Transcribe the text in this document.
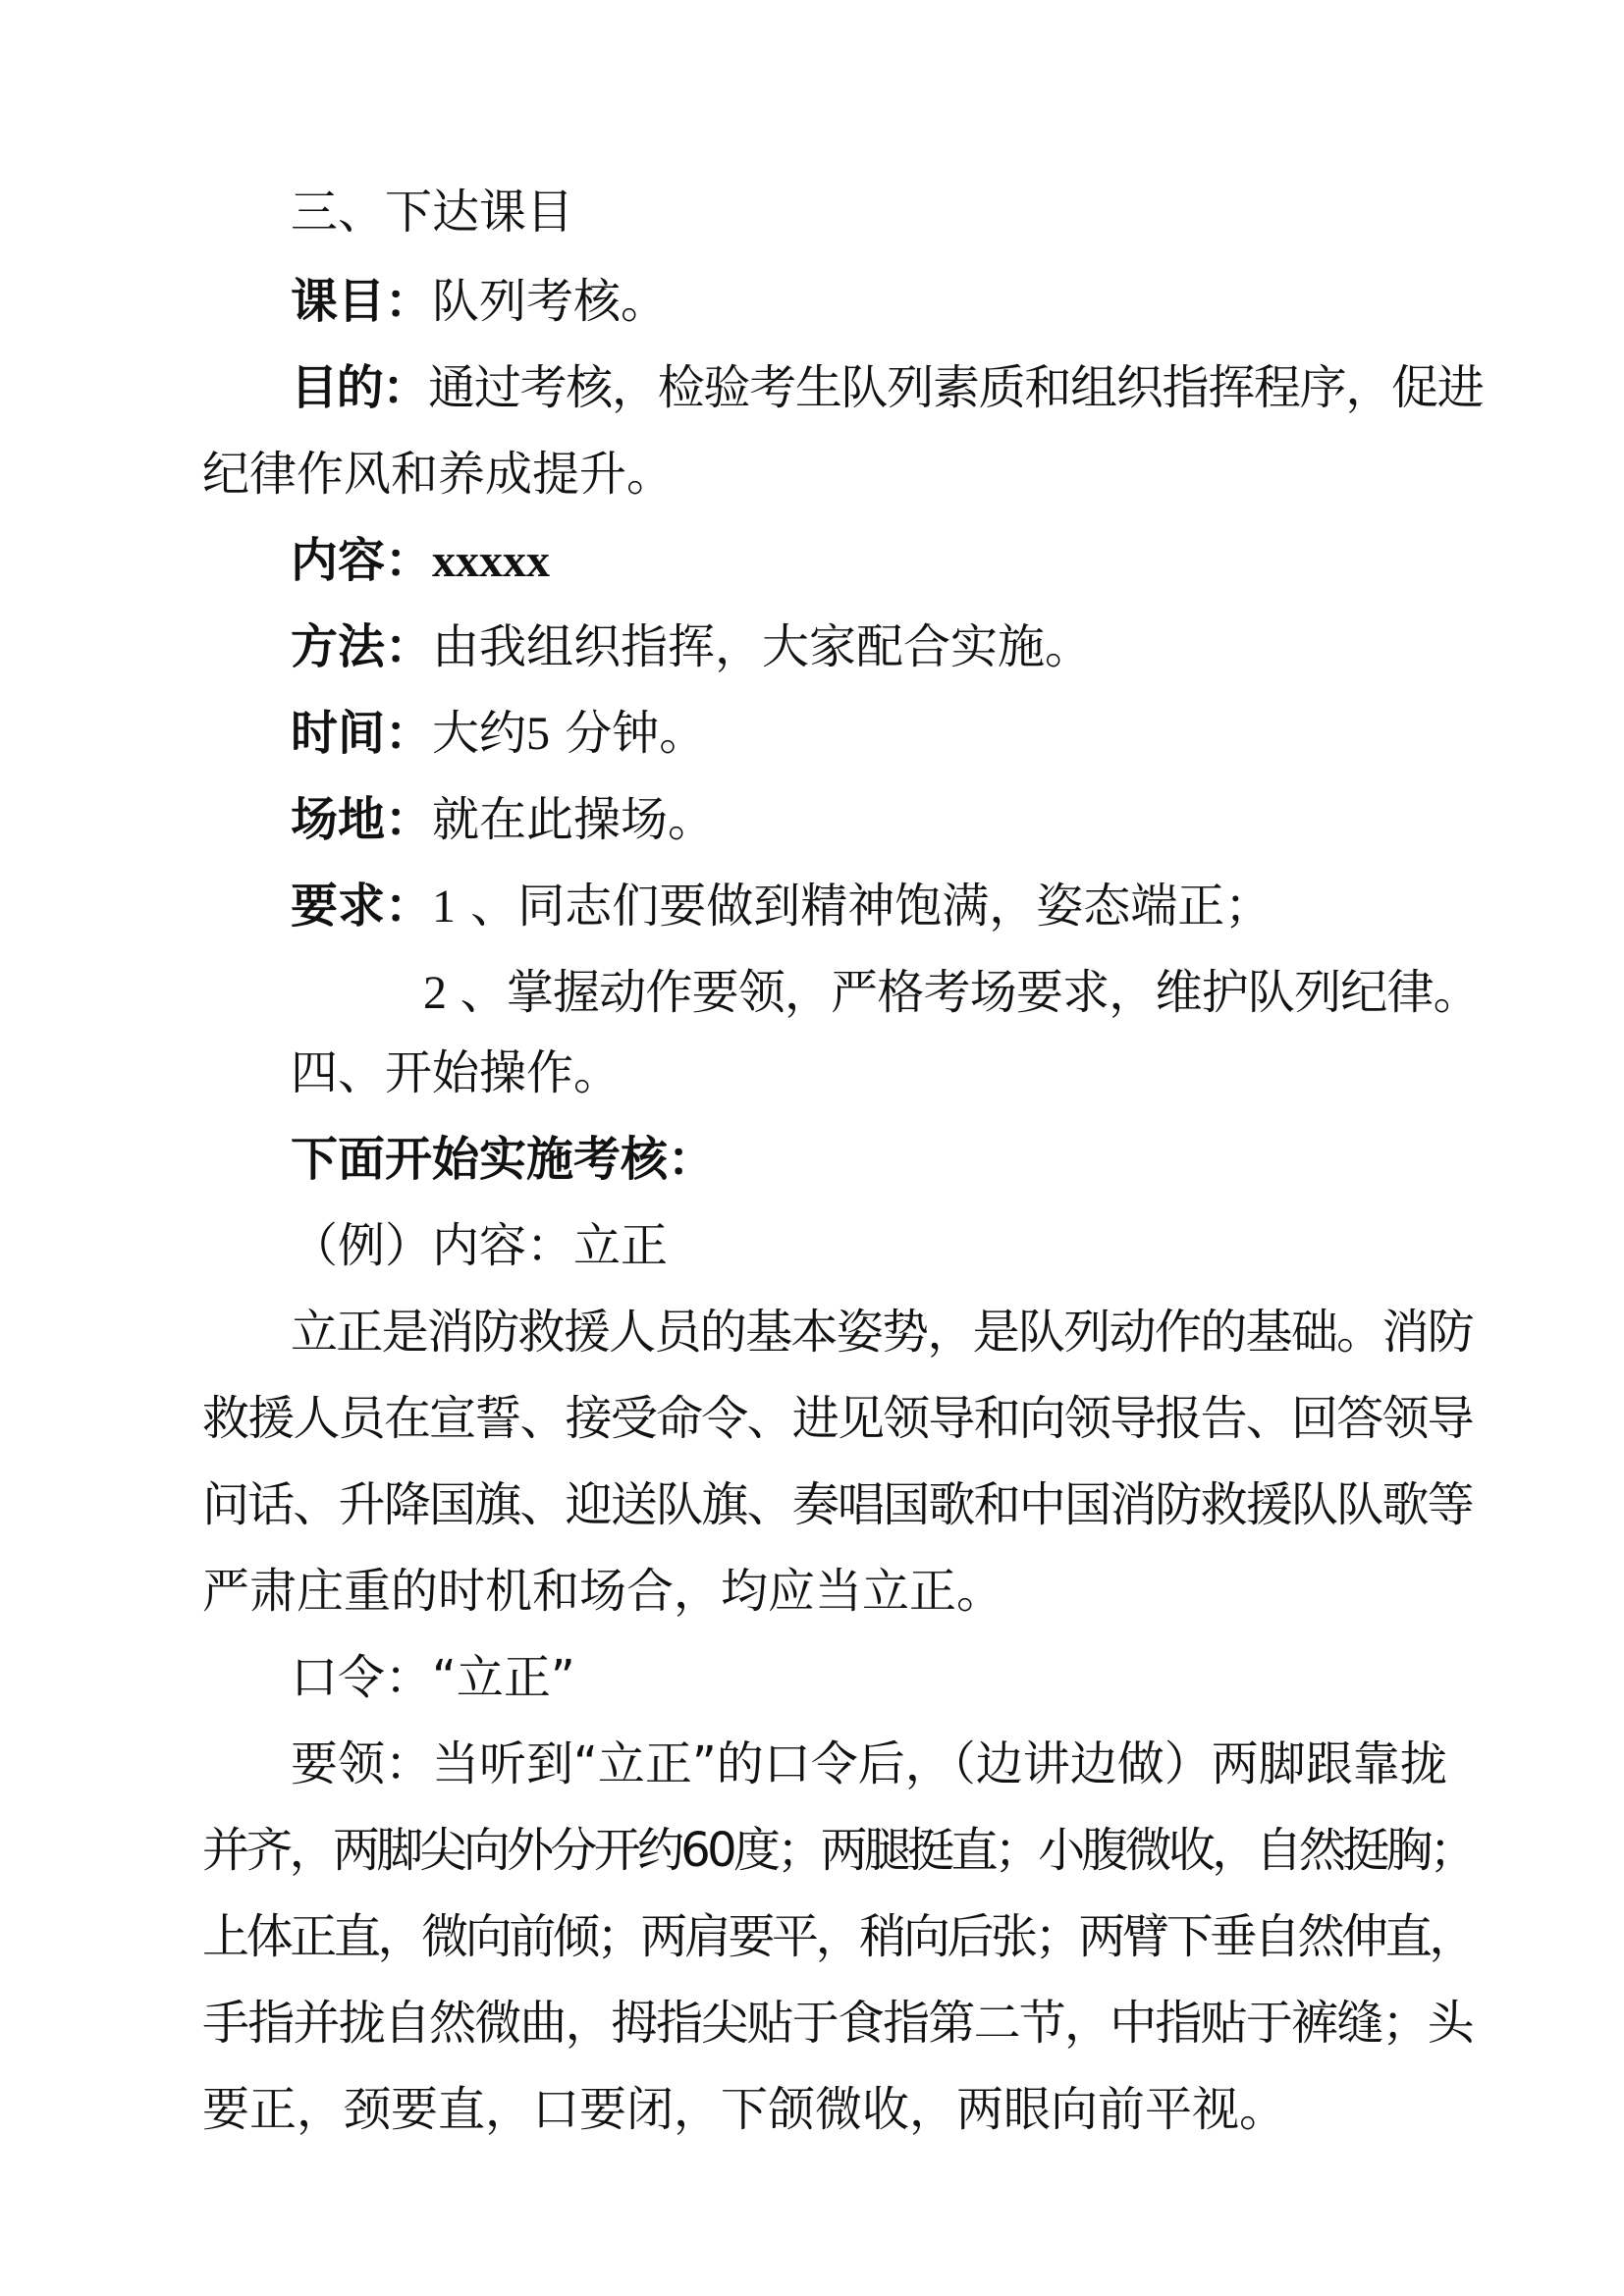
三、下达课目
课目：队列考核。
目的：通过考核，检验考生队列素质和组织指挥程序，促进
纪律作风和养成提升。
内容：xxxxx
方法：由我组织指挥，大家配合实施。
时间：大约5 分钟。
场地：就在此操场。
要求：1 、同志们要做到精神饱满，姿态端正；
2 、掌握动作要领，严格考场要求，维护队列纪律。
四、开始操作。
下面开始实施考核：
（例）内容：立正
立正是消防救援人员的基本姿势，是队列动作的基础。消防
救援人员在宣誓、接受命令、进见领导和向领导报告、回答领导
问话、升降国旗、迎送队旗、奏唱国歌和中国消防救援队队歌等
严肃庄重的时机和场合，均应当立正。
口令：“立正”
要领：当听到“立正”的口令后，（边讲边做）两脚跟靠拢
并齐，两脚尖向外分开约60度；两腿挺直；小腹微收，自然挺胸；
上体正直，微向前倾；两肩要平，稍向后张；两臂下垂自然伸直，
手指并拢自然微曲，拇指尖贴于食指第二节，中指贴于裤缝；头
要正，颈要直，口要闭，下颌微收，两眼向前平视。
